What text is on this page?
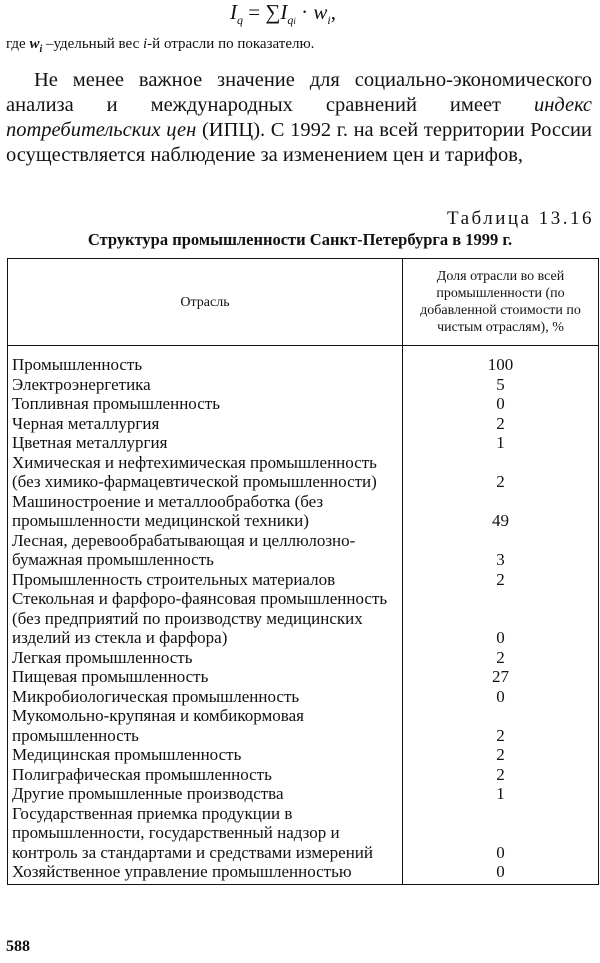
$I_q = \sum I_{qi} \cdot w_i$,
где $w_i$ –удельный вес i-й отрасли по показателю.
Не менее важное значение для социально-экономического анализа и международных сравнений имеет индекс потребительских цен (ИПЦ). С 1992 г. на всей территории России осуществляется наблюдение за изменением цен и тарифов,
Таблица 13.16
Структура промышленности Санкт-Петербурга в 1999 г.
Отрасль	Доля отрасли во всей промышленности (по добавленной стоимости по чистым отраслям), %
Промышленность	100
Электроэнергетика	5
Топливная промышленность	0
Черная металлургия	2
Цветная металлургия	1
Химическая и нефтехимическая промышленность (без химико-фармацевтической промышленности)	2
Машиностроение и металлообработка (без промышленности медицинской техники)	49
Лесная, деревообрабатывающая и целлюлозно-бумажная промышленность	3
Промышленность строительных материалов	2
Стекольная и фарфоро-фаянсовая промышленность (без предприятий по производству медицинских изделий из стекла и фарфора)	0
Легкая промышленность	2
Пищевая промышленность	27
Микробиологическая промышленность	0
Мукомольно-крупяная и комбикормовая промышленность	2
Медицинская промышленность	2
Полиграфическая промышленность	2
Другие промышленные производства	1
Государственная приемка продукции в промышленности, государственный надзор и контроль за стандартами и средствами измерений	0
Хозяйственное управление промышленностью	0
588
